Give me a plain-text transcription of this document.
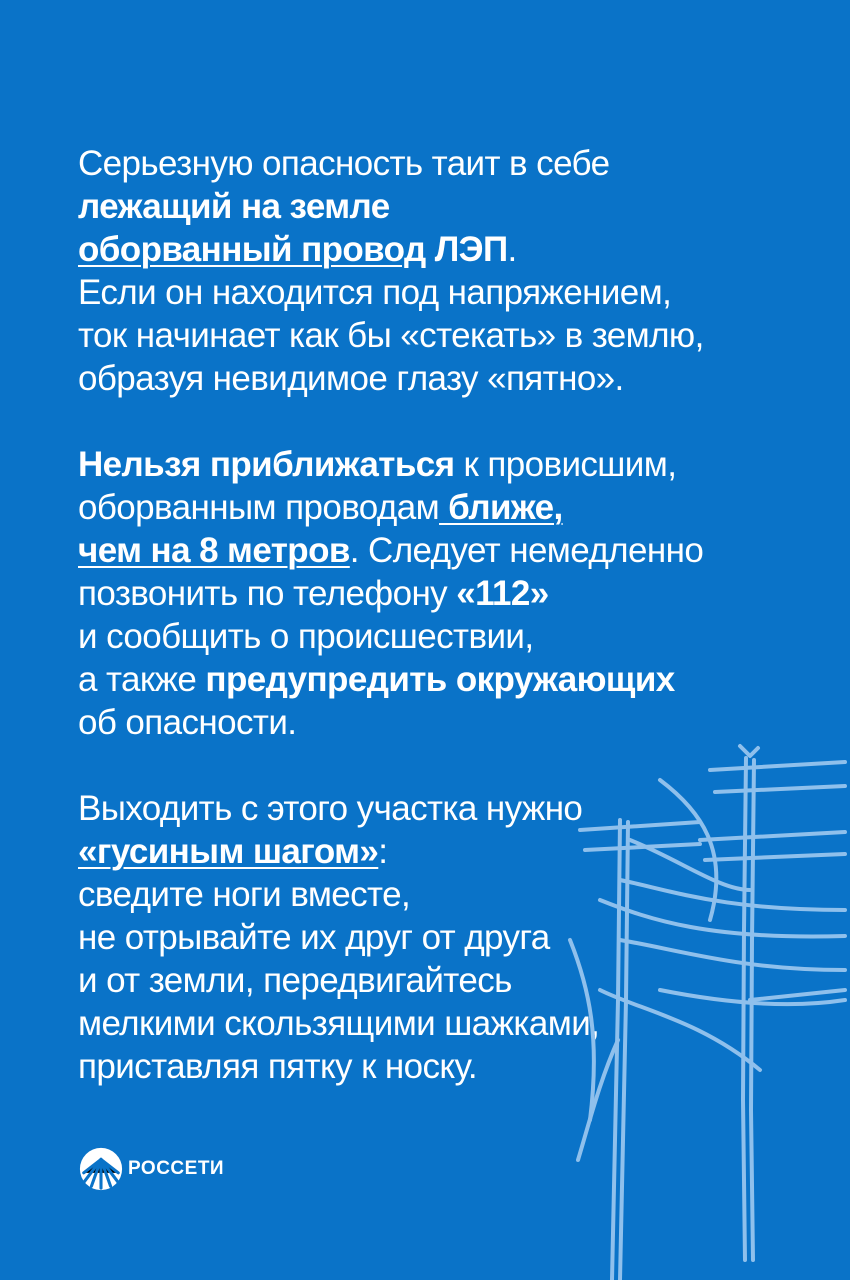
Серьезную опасность таит в себе
лежащий на земле
оборванный провод ЛЭП.
Если он находится под напряжением,
ток начинает как бы «стекать» в землю,
образуя невидимое глазу «пятно».
Нельзя приближаться к провисшим,
оборванным проводам ближе,
чем на 8 метров. Следует немедленно
позвонить по телефону «112»
и сообщить о происшествии,
а также предупредить окружающих
об опасности.
Выходить с этого участка нужно
«гусиным шагом»:
сведите ноги вместе,
не отрывайте их друг от друга
и от земли, передвигайтесь
мелкими скользящими шажками,
приставляя пятку к носку.
РОССЕТИ
